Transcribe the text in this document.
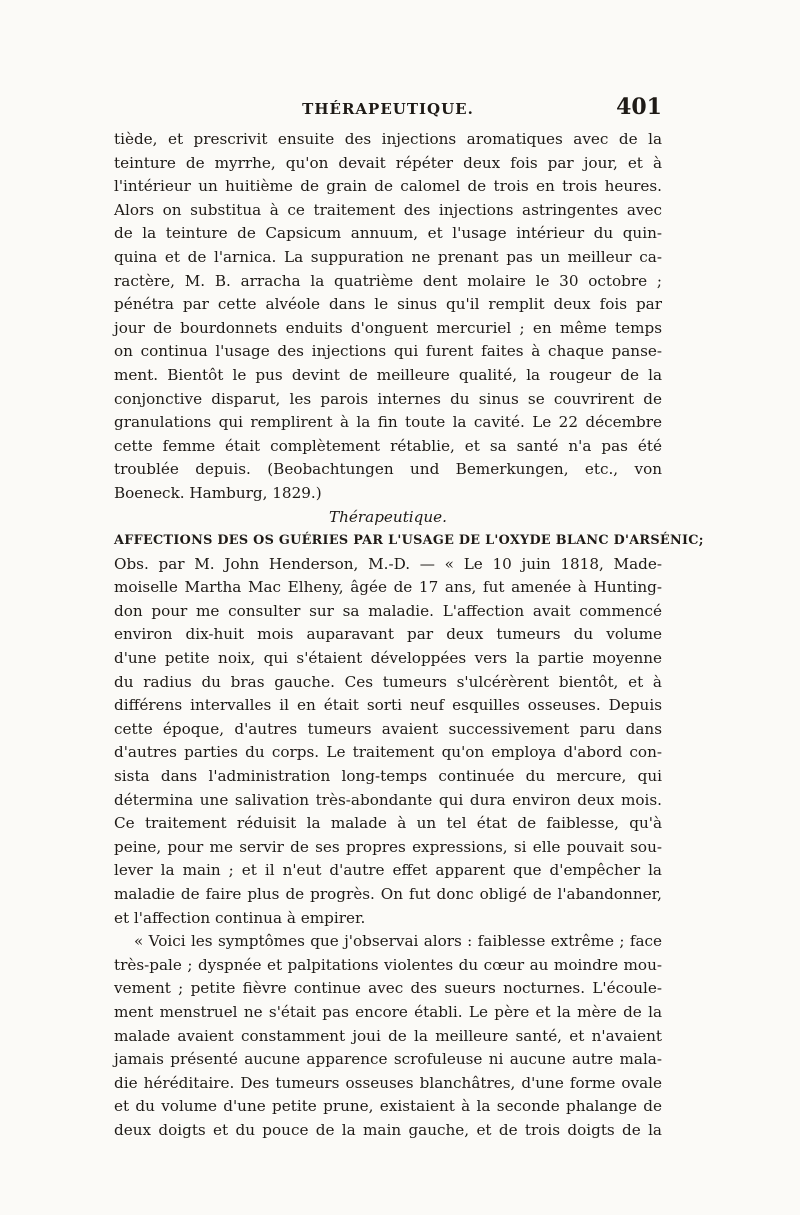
THÉRAPEUTIQUE.	401
tiède, et prescrivit ensuite des injections aromatiques avec de la
teinture de myrrhe, qu'on devait répéter deux fois par jour, et à
l'intérieur un huitième de grain de calomel de trois en trois heures.
Alors on substitua à ce traitement des injections astringentes avec
de la teinture de Capsicum annuum, et l'usage intérieur du quin-
quina et de l'arnica. La suppuration ne prenant pas un meilleur ca-
ractère, M. B. arracha la quatrième dent molaire le 30 octobre ;
pénétra par cette alvéole dans le sinus qu'il remplit deux fois par
jour de bourdonnets enduits d'onguent mercuriel ; en même temps
on continua l'usage des injections qui furent faites à chaque panse-
ment. Bientôt le pus devint de meilleure qualité, la rougeur de la
conjonctive disparut, les parois internes du sinus se couvrirent de
granulations qui remplirent à la fin toute la cavité. Le 22 décembre
cette femme était complètement rétablie, et sa santé n'a pas été
troublée depuis. (Beobachtungen und Bemerkungen, etc., von
Boeneck. Hamburg, 1829.)
Thérapeutique.
AFFECTIONS DES OS GUÉRIES PAR L'USAGE DE L'OXYDE BLANC D'ARSÉNIC;
Obs. par M. John Henderson, M.-D. — « Le 10 juin 1818, Made-
moiselle Martha Mac Elheny, âgée de 17 ans, fut amenée à Hunting-
don pour me consulter sur sa maladie. L'affection avait commencé
environ dix-huit mois auparavant par deux tumeurs du volume
d'une petite noix, qui s'étaient développées vers la partie moyenne
du radius du bras gauche. Ces tumeurs s'ulcérèrent bientôt, et à
différens intervalles il en était sorti neuf esquilles osseuses. Depuis
cette époque, d'autres tumeurs avaient successivement paru dans
d'autres parties du corps. Le traitement qu'on employa d'abord con-
sista dans l'administration long-temps continuée du mercure, qui
détermina une salivation très-abondante qui dura environ deux mois.
Ce traitement réduisit la malade à un tel état de faiblesse, qu'à
peine, pour me servir de ses propres expressions, si elle pouvait sou-
lever la main ; et il n'eut d'autre effet apparent que d'empêcher la
maladie de faire plus de progrès. On fut donc obligé de l'abandonner,
et l'affection continua à empirer.
« Voici les symptômes que j'observai alors : faiblesse extrême ; face
très-pale ; dyspnée et palpitations violentes du cœur au moindre mou-
vement ; petite fièvre continue avec des sueurs nocturnes. L'écoule-
ment menstruel ne s'était pas encore établi. Le père et la mère de la
malade avaient constamment joui de la meilleure santé, et n'avaient
jamais présenté aucune apparence scrofuleuse ni aucune autre mala-
die héréditaire. Des tumeurs osseuses blanchâtres, d'une forme ovale
et du volume d'une petite prune, existaient à la seconde phalange de
deux doigts et du pouce de la main gauche, et de trois doigts de la
